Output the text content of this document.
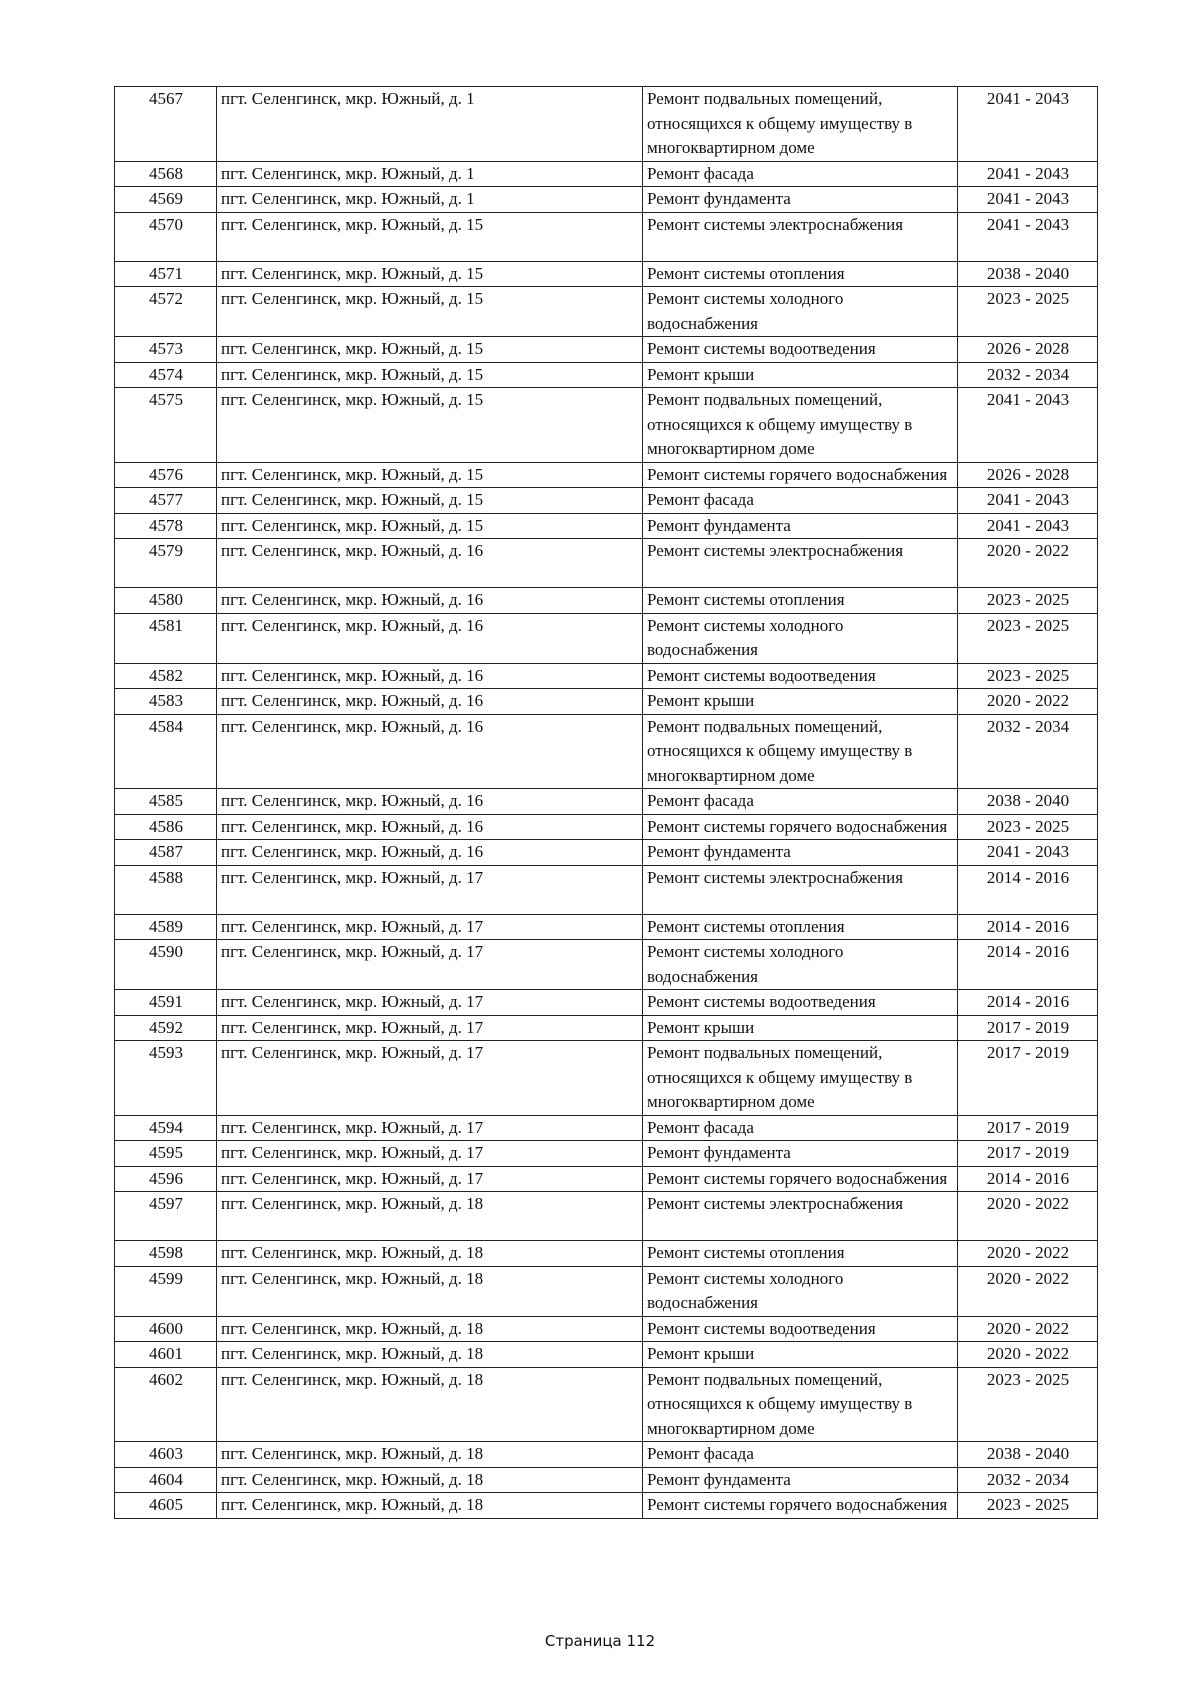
4567	пгт. Селенгинск, мкр. Южный, д. 1	Ремонт подвальных помещений, относящихся к общему имуществу в многоквартирном доме	2041 - 2043
4568	пгт. Селенгинск, мкр. Южный, д. 1	Ремонт фасада	2041 - 2043
4569	пгт. Селенгинск, мкр. Южный, д. 1	Ремонт фундамента	2041 - 2043
4570	пгт. Селенгинск, мкр. Южный, д. 15	Ремонт системы электроснабжения	2041 - 2043
4571	пгт. Селенгинск, мкр. Южный, д. 15	Ремонт системы отопления	2038 - 2040
4572	пгт. Селенгинск, мкр. Южный, д. 15	Ремонт системы холодного водоснабжения	2023 - 2025
4573	пгт. Селенгинск, мкр. Южный, д. 15	Ремонт системы водоотведения	2026 - 2028
4574	пгт. Селенгинск, мкр. Южный, д. 15	Ремонт крыши	2032 - 2034
4575	пгт. Селенгинск, мкр. Южный, д. 15	Ремонт подвальных помещений, относящихся к общему имуществу в многоквартирном доме	2041 - 2043
4576	пгт. Селенгинск, мкр. Южный, д. 15	Ремонт системы горячего водоснабжения	2026 - 2028
4577	пгт. Селенгинск, мкр. Южный, д. 15	Ремонт фасада	2041 - 2043
4578	пгт. Селенгинск, мкр. Южный, д. 15	Ремонт фундамента	2041 - 2043
4579	пгт. Селенгинск, мкр. Южный, д. 16	Ремонт системы электроснабжения	2020 - 2022
4580	пгт. Селенгинск, мкр. Южный, д. 16	Ремонт системы отопления	2023 - 2025
4581	пгт. Селенгинск, мкр. Южный, д. 16	Ремонт системы холодного водоснабжения	2023 - 2025
4582	пгт. Селенгинск, мкр. Южный, д. 16	Ремонт системы водоотведения	2023 - 2025
4583	пгт. Селенгинск, мкр. Южный, д. 16	Ремонт крыши	2020 - 2022
4584	пгт. Селенгинск, мкр. Южный, д. 16	Ремонт подвальных помещений, относящихся к общему имуществу в многоквартирном доме	2032 - 2034
4585	пгт. Селенгинск, мкр. Южный, д. 16	Ремонт фасада	2038 - 2040
4586	пгт. Селенгинск, мкр. Южный, д. 16	Ремонт системы горячего водоснабжения	2023 - 2025
4587	пгт. Селенгинск, мкр. Южный, д. 16	Ремонт фундамента	2041 - 2043
4588	пгт. Селенгинск, мкр. Южный, д. 17	Ремонт системы электроснабжения	2014 - 2016
4589	пгт. Селенгинск, мкр. Южный, д. 17	Ремонт системы отопления	2014 - 2016
4590	пгт. Селенгинск, мкр. Южный, д. 17	Ремонт системы холодного водоснабжения	2014 - 2016
4591	пгт. Селенгинск, мкр. Южный, д. 17	Ремонт системы водоотведения	2014 - 2016
4592	пгт. Селенгинск, мкр. Южный, д. 17	Ремонт крыши	2017 - 2019
4593	пгт. Селенгинск, мкр. Южный, д. 17	Ремонт подвальных помещений, относящихся к общему имуществу в многоквартирном доме	2017 - 2019
4594	пгт. Селенгинск, мкр. Южный, д. 17	Ремонт фасада	2017 - 2019
4595	пгт. Селенгинск, мкр. Южный, д. 17	Ремонт фундамента	2017 - 2019
4596	пгт. Селенгинск, мкр. Южный, д. 17	Ремонт системы горячего водоснабжения	2014 - 2016
4597	пгт. Селенгинск, мкр. Южный, д. 18	Ремонт системы электроснабжения	2020 - 2022
4598	пгт. Селенгинск, мкр. Южный, д. 18	Ремонт системы отопления	2020 - 2022
4599	пгт. Селенгинск, мкр. Южный, д. 18	Ремонт системы холодного водоснабжения	2020 - 2022
4600	пгт. Селенгинск, мкр. Южный, д. 18	Ремонт системы водоотведения	2020 - 2022
4601	пгт. Селенгинск, мкр. Южный, д. 18	Ремонт крыши	2020 - 2022
4602	пгт. Селенгинск, мкр. Южный, д. 18	Ремонт подвальных помещений, относящихся к общему имуществу в многоквартирном доме	2023 - 2025
4603	пгт. Селенгинск, мкр. Южный, д. 18	Ремонт фасада	2038 - 2040
4604	пгт. Селенгинск, мкр. Южный, д. 18	Ремонт фундамента	2032 - 2034
4605	пгт. Селенгинск, мкр. Южный, д. 18	Ремонт системы горячего водоснабжения	2023 - 2025
Страница 112
